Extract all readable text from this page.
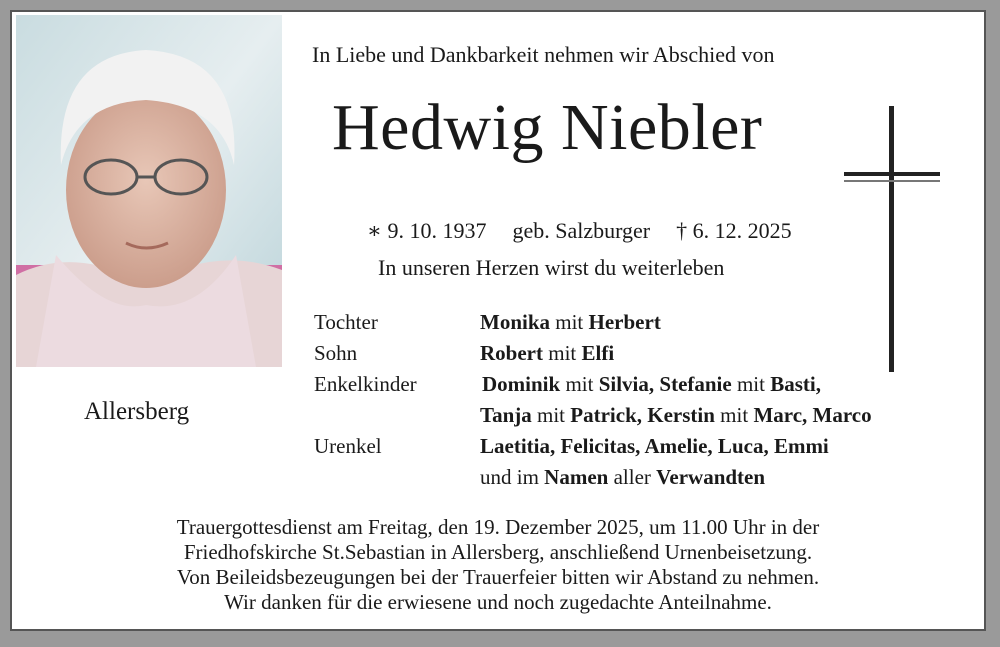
Allersberg
In Liebe und Dankbarkeit nehmen wir Abschied von
Hedwig Niebler

∗ 9. 10. 1937 geb. Salzburger † 6. 12. 2025

In unseren Herzen wirst du weiterleben
Tochter	Monika mit Herbert
Sohn	Robert mit Elfi
Enkelkinder	Dominik mit Silvia, Stefanie mit Basti,
Tanja mit Patrick, Kerstin mit Marc, Marco
Urenkel	Laetitia, Felicitas, Amelie, Luca, Emmi
und im Namen aller Verwandten
Trauergottesdienst am Freitag, den 19. Dezember 2025, um 11.00 Uhr in der
Friedhofskirche St.Sebastian in Allersberg, anschließend Urnenbeisetzung.
Von Beileidsbezeugungen bei der Trauerfeier bitten wir Abstand zu nehmen.
Wir danken für die erwiesene und noch zugedachte Anteilnahme.
